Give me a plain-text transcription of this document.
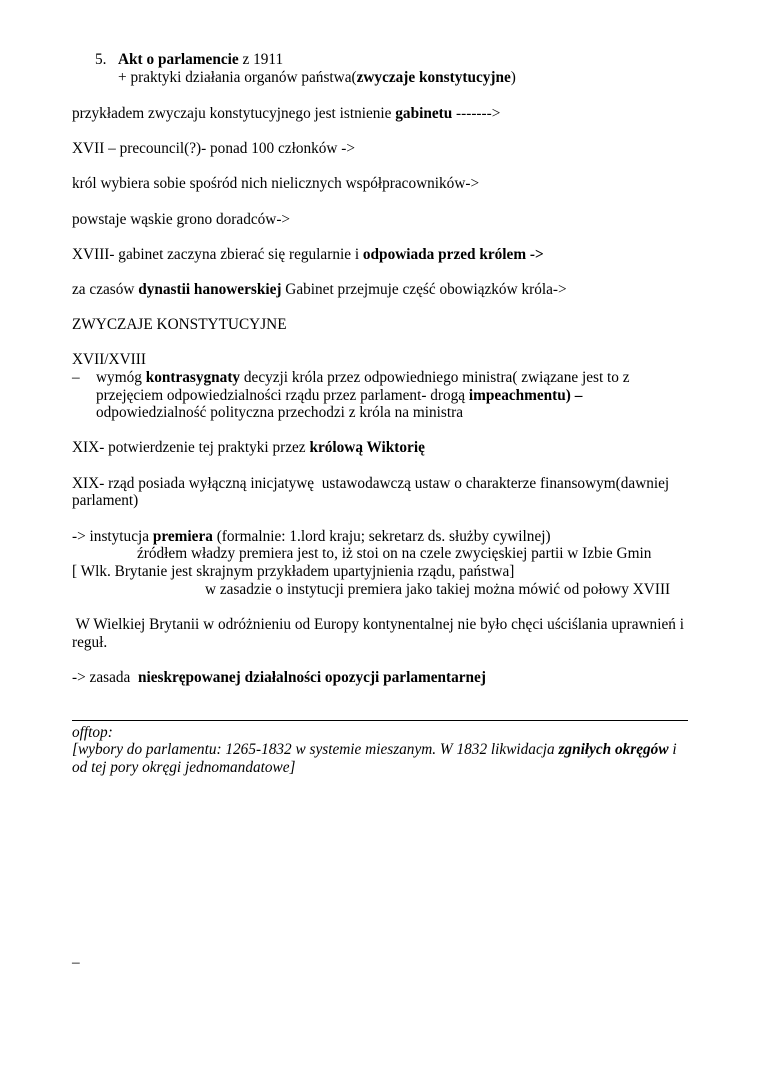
5. Akt o parlamencie z 1911
+ praktyki działania organów państwa(zwyczaje konstytucyjne)
przykładem zwyczaju konstytucyjnego jest istnienie gabinetu ------->
XVII – precouncil(?)- ponad 100 członków ->
król wybiera sobie spośród nich nielicznych współpracowników->
powstaje wąskie grono doradców->
XVIII- gabinet zaczyna zbierać się regularnie i odpowiada przed królem ->
za czasów dynastii hanowerskiej Gabinet przejmuje część obowiązków króla->
ZWYCZAJE KONSTYTUCYJNE
XVII/XVIII
– wymóg kontrasygnaty decyzji króla przez odpowiedniego ministra( związane jest to z
przejęciem odpowiedzialności rządu przez parlament- drogą impeachmentu) –
odpowiedzialność polityczna przechodzi z króla na ministra
XIX- potwierdzenie tej praktyki przez królową Wiktorię
XIX- rząd posiada wyłączną inicjatywę  ustawodawczą ustaw o charakterze finansowym(dawniej
parlament)
-> instytucja premiera (formalnie: 1.lord kraju; sekretarz ds. służby cywilnej)
źródłem władzy premiera jest to, iż stoi on na czele zwycięskiej partii w Izbie Gmin
[ Wlk. Brytanie jest skrajnym przykładem upartyjnienia rządu, państwa]
w zasadzie o instytucji premiera jako takiej można mówić od połowy XVIII
W Wielkiej Brytanii w odróżnieniu od Europy kontynentalnej nie było chęci uściślania uprawnień i
reguł.
-> zasada  nieskrępowanej działalności opozycji parlamentarnej
offtop:
[wybory do parlamentu: 1265-1832 w systemie mieszanym. W 1832 likwidacja zgniłych okręgów i
od tej pory okręgi jednomandatowe]
–
